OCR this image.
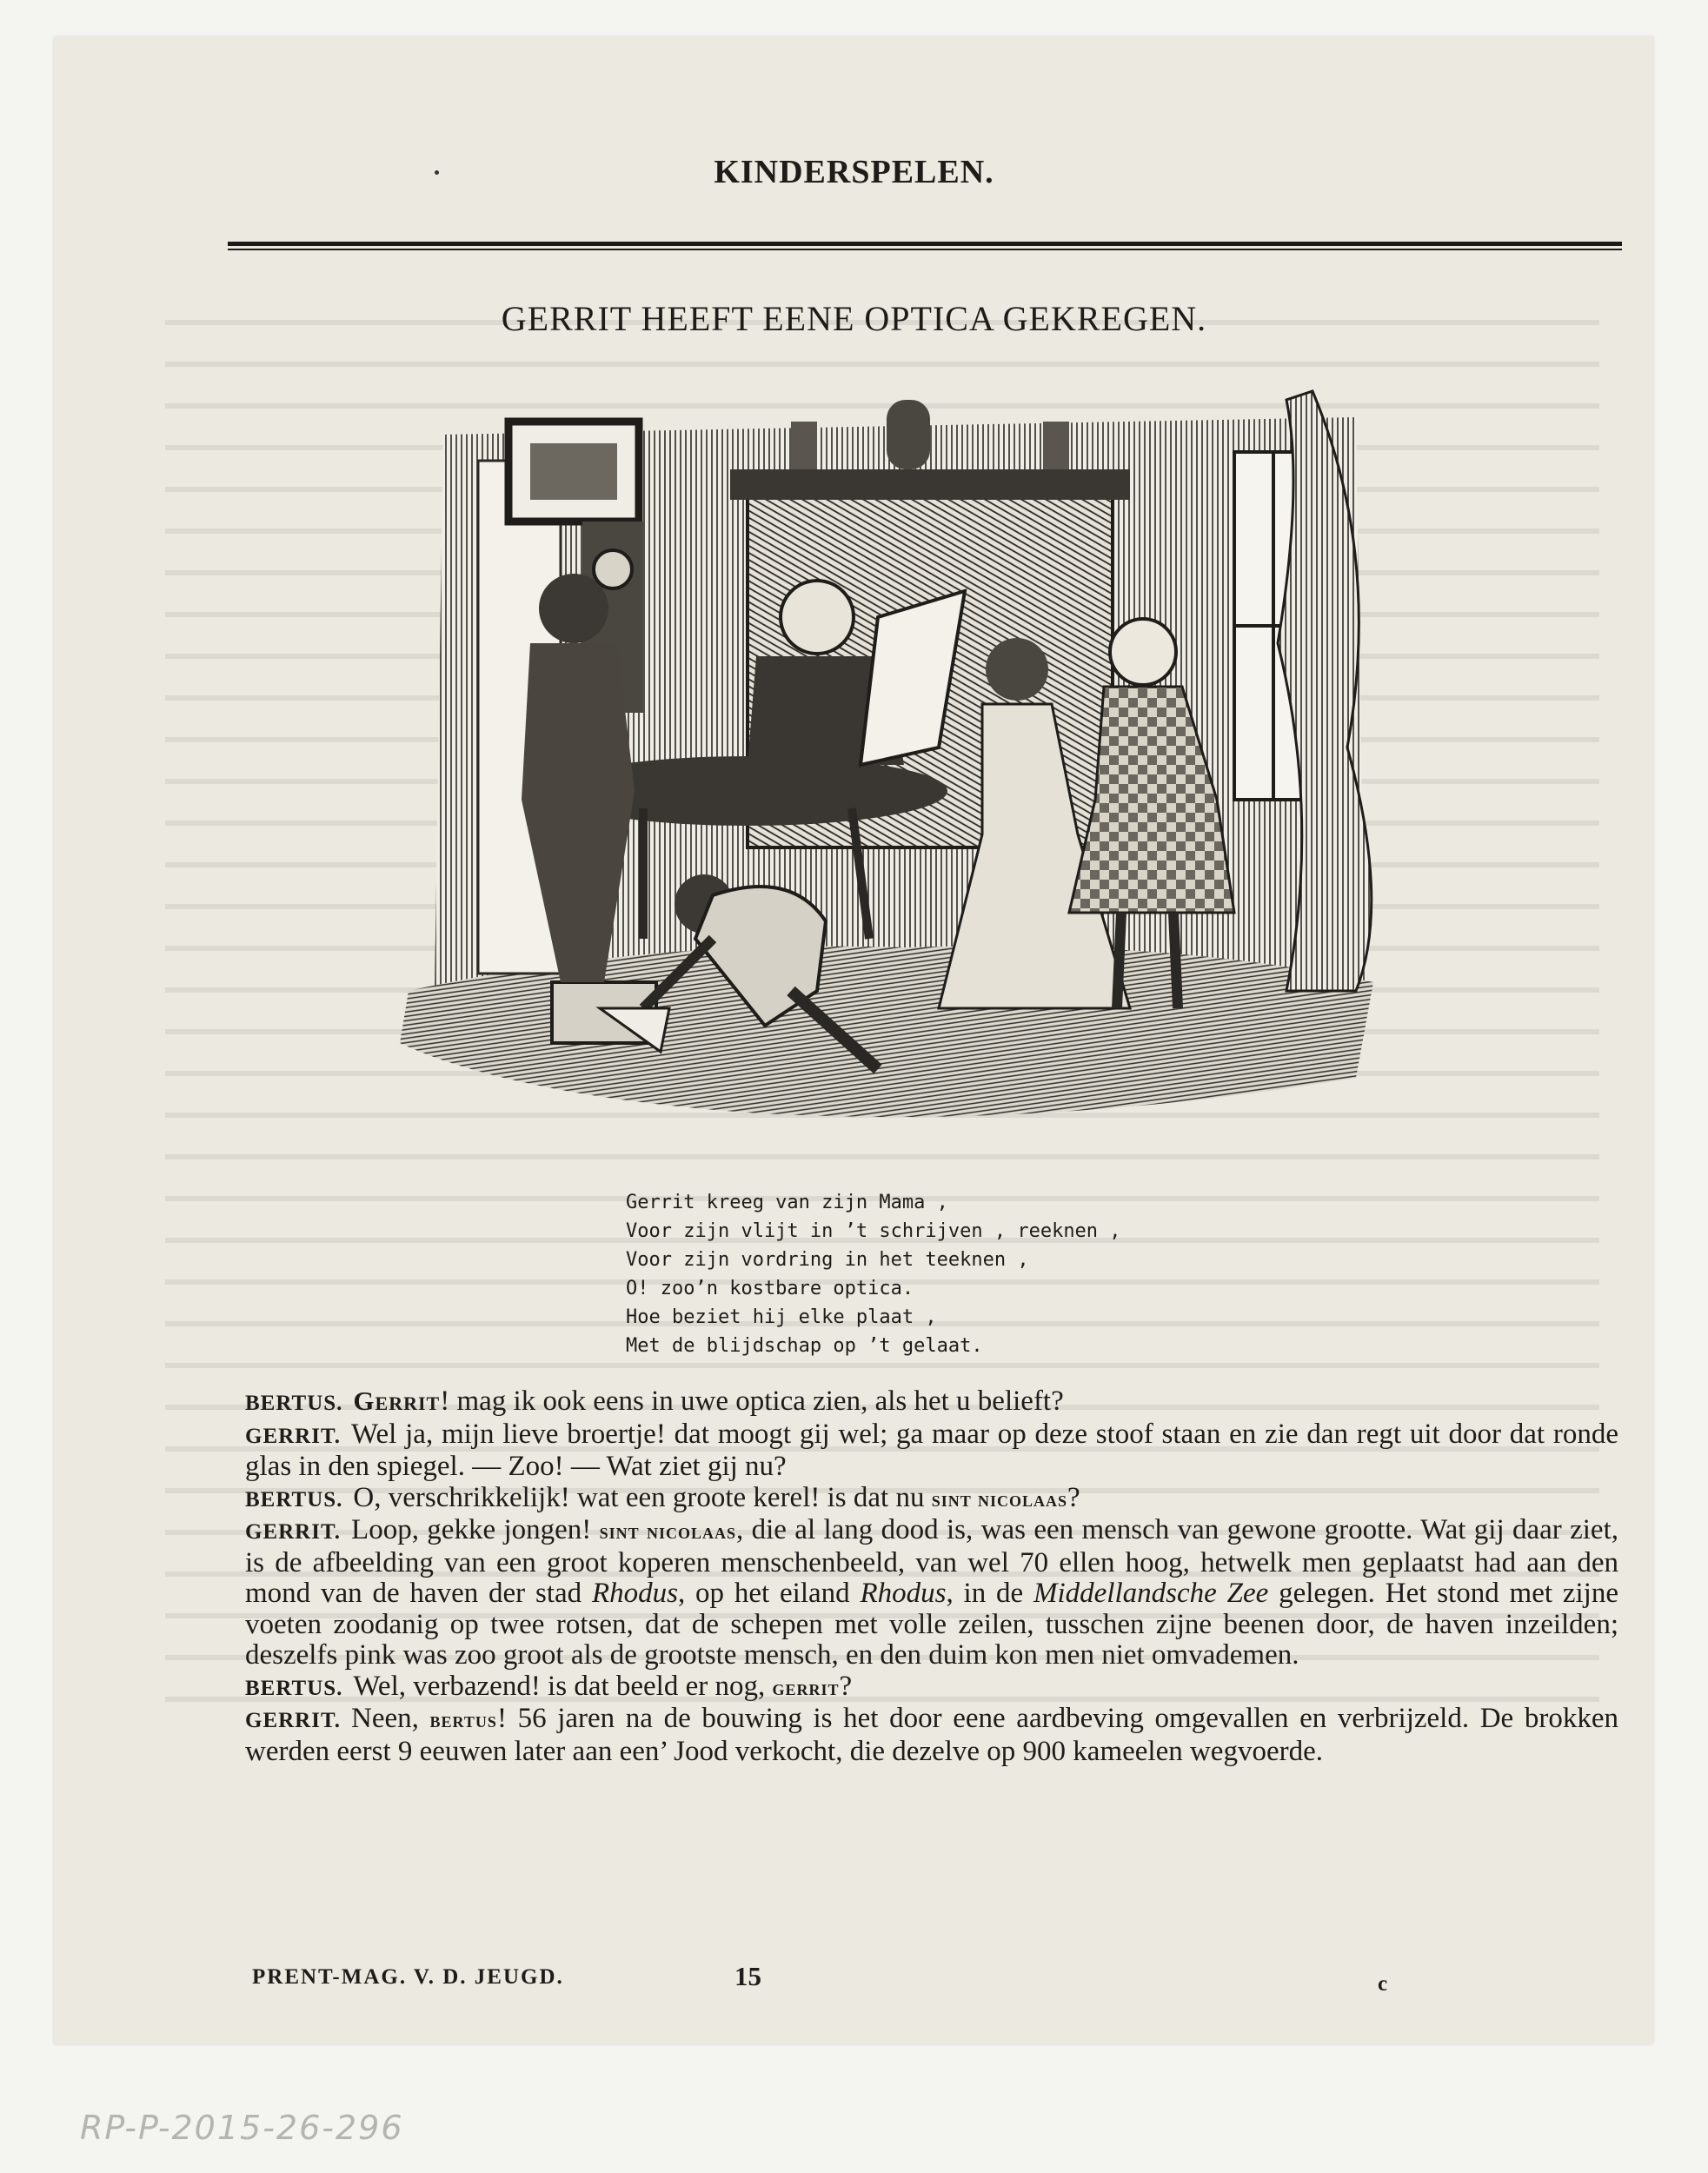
KINDERSPELEN.
GERRIT HEEFT EENE OPTICA GEKREGEN.
Gerrit kreeg van zijn Mama ,
Voor zijn vlijt in ’t schrijven , reeknen ,
Voor zijn vordring in het teeknen ,
O! zoo’n kostbare optica.
Hoe beziet hij elke plaat ,
Met de blijdschap op ’t gelaat.

BERTUS. Gerrit! mag ik ook eens in uwe optica zien, als het u belieft?

GERRIT. Wel ja, mijn lieve broertje! dat moogt gij wel; ga maar op deze stoof staan en zie dan regt uit door dat ronde glas in den spiegel. — Zoo! — Wat ziet gij nu?

BERTUS. O, verschrikkelijk! wat een groote kerel! is dat nu sint nicolaas?

GERRIT. Loop, gekke jongen! sint nicolaas, die al lang dood is, was een mensch van gewone grootte. Wat gij daar ziet, is de afbeelding van een groot koperen menschenbeeld, van wel 70 ellen hoog, hetwelk men geplaatst had aan den mond van de haven der stad Rhodus, op het eiland Rhodus, in de Middellandsche Zee gelegen. Het stond met zijne voeten zoodanig op twee rotsen, dat de schepen met volle zeilen, tusschen zijne beenen door, de haven inzeilden; deszelfs pink was zoo groot als de grootste mensch, en den duim kon men niet omvademen.

BERTUS. Wel, verbazend! is dat beeld er nog, gerrit?

GERRIT. Neen, bertus! 56 jaren na de bouwing is het door eene aardbeving omgevallen en verbrijzeld. De brokken werden eerst 9 eeuwen later aan een’ Jood verkocht, die dezelve op 900 kameelen wegvoerde.

PRENT-MAG. V. D. JEUGD.	15	c
RP-P-2015-26-296
